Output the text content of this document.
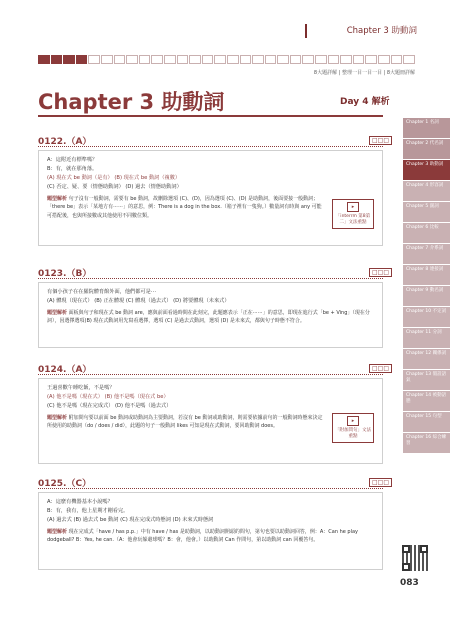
Chapter 3 助動詞
8大題詳解 | 整理一目一目一目 | 8大題冊詳解
Chapter 3 助動詞	Day 4 解析
Chapter 1 名詞
Chapter 2 代名詞
Chapter 3 助動詞
Chapter 4 形容詞
Chapter 5 副詞
Chapter 6 比較
Chapter 7 介系詞
Chapter 8 連接詞
Chapter 9 動名詞
Chapter 10 不定詞
Chapter 11 分詞
Chapter 12 關係詞
Chapter 13 假設語氣
Chapter 14 被動語態
Chapter 15 句型
Chapter 16 綜合練習
0122.（A）	□□□
A：這附近有標準嗎？
B：有，就在那角落。
(A) 現在式 be 動詞（是有） (B) 現在式 be 動詞（複數）
(C) 否定、疑、要（情態助動詞） (D) 過去（情態助動詞）
題型解析 句子沒有一般動詞，需要有 be 動詞，故刪除選項 (C)、(D)，因為選項 (C)、(D) 是助動詞，後面要接一般動詞；「there be」表示「某地方有⋯⋯」的意思，例：There is a dog in the box.（箱子裡有一隻狗。）數量詞有時與 any 可能可搭配後，也與所接數或其他使用不同數位類。
▸
「interrm 第8第二」文法重點
0123.（B）	□□□
有個小孩子在在羅院體育館外面，他們都可是⋯
(A) 體現（現在式） (B) 正在體現 (C) 體現（過去式） (D) 將要體現（未來式）
題型解析 面板與句子和現在式 be 動詞 are，應與前面看過時間在此刻完，此題應表示「正在⋯⋯」的意思，即現在進行式「be + Ving」（現在分詞），因選擇選項(B) 現在式動詞用先寫看選擇，選項 (C) 是過去式動詞，選項 (D) 是未來式，都與句子時態不符合。
0124.（A）	□□□
王過喜歡午睡吃飯，不是嗎？
(A) 他不是嗎（現在式） (B) 他不是嗎（現在式 be）
(C) 他不是嗎（現在完成式） (D) 他不是嗎（過去式）
題型解析 附加問句要以前面 be 動詞或助動詞為主要動詞，若沒有 be 動詞或助動詞，則需要依據前句的一般動詞時態來決定所使用的助動詞（do / does / did），此題的句子一般動詞 likes 可知是現在式動詞，要回助動詞 does。
▸
「附加問句」文法重點
0125.（C）	□□□
A：這麼有機器基本小說嗎？
B：有，我有，他上星期才剛看完。
(A) 過去式 (B) 過去式 be 動詞 (C) 現在完成式時態詞 (D) 未來式時態詞
題型解析 現在完成式「have / has p.p.」中有 have / has 是助動詞，以助動詞開頭的問句，第句也要以助動詞回答，例：A：Can he play dodgeball? B：Yes, he can.（A：他會玩躲避球嗎？B：會，他會。）以助動詞 Can 作問句，第以助動詞 can 回覆答句。
083
